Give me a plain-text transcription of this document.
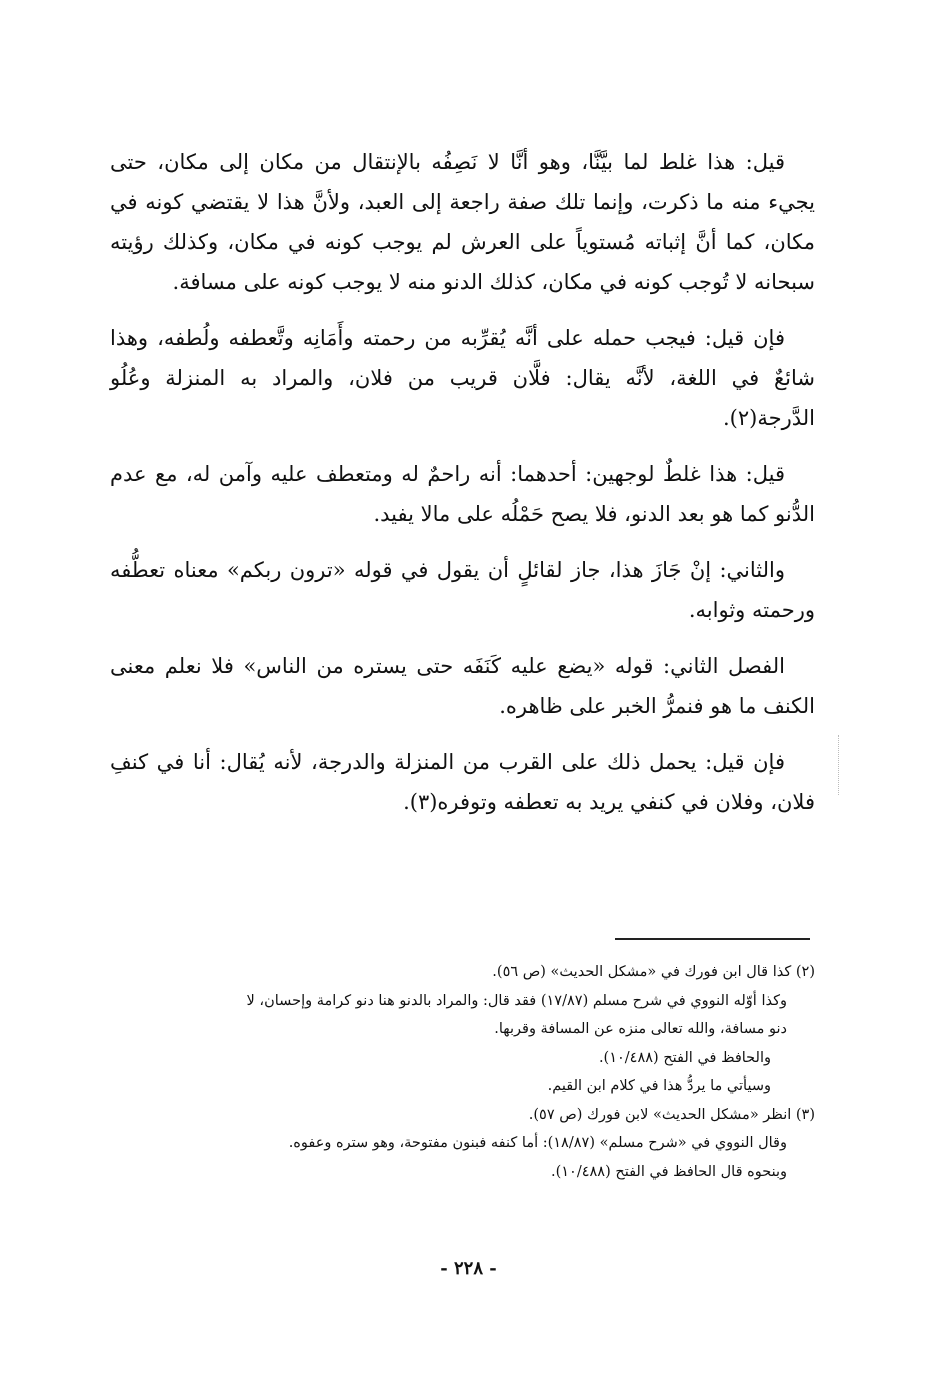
قيل: هذا غلط لما بيَّنَّا، وهو أنَّا لا نَصِفُه بالإنتقال من مكان إلى مكان، حتى يجيء منه ما ذكرت، وإنما تلك صفة راجعة إلى العبد، ولأنَّ هذا لا يقتضي كونه في مكان، كما أنَّ إثباته مُستوياً على العرش لم يوجب كونه في مكان، وكذلك رؤيته سبحانه لا تُوجب كونه في مكان، كذلك الدنو منه لا يوجب كونه على مسافة.

فإن قيل: فيجب حمله على أنَّه يُقرِّبه من رحمته وأَمَانِه وتَّعطفه ولُطفه، وهذا شائعٌ في اللغة، لأنَّه يقال: فلَّان قريب من فلان، والمراد به المنزلة وعُلُو الدَّرجة(٢).

قيل: هذا غلطٌ لوجهين: أحدهما: أنه راحمٌ له ومتعطف عليه وآمن له، مع عدم الدُّنو كما هو بعد الدنو، فلا يصح حَمْلُه على مالا يفيد.

والثاني: إنْ جَازَ هذا، جاز لقائلٍ أن يقول في قوله «ترون ربكم» معناه تعطُّفه ورحمته وثوابه.

الفصل الثاني: قوله «يضع عليه كَنَفَه حتى يستره من الناس» فلا نعلم معنى الكنف ما هو فنمرُّ الخبر على ظاهره.

فإن قيل: يحمل ذلك على القرب من المنزلة والدرجة، لأنه يُقال: أنا في كنفِ فلان، وفلان في كنفي يريد به تعطفه وتوفره(٣).

(٢) كذا قال ابن فورك في «مشكل الحديث» (ص ٥٦).

وكذا أوّله النووي في شرح مسلم (١٧/٨٧) فقد قال: والمراد بالدنو هنا دنو كرامة وإحسان، لا

دنو مسافة، والله تعالى منزه عن المسافة وقربها.

والحافظ في الفتح (١٠/٤٨٨).

وسيأتي ما يردُّ هذا في كلام ابن القيم.

(٣) انظر «مشكل الحديث» لابن فورك (ص ٥٧).

وقال النووي في «شرح مسلم» (١٨/٨٧): أما كنفه فبنون مفتوحة، وهو ستره وعفوه.

وبنحوه قال الحافظ في الفتح (١٠/٤٨٨).

- ٢٢٨ -
